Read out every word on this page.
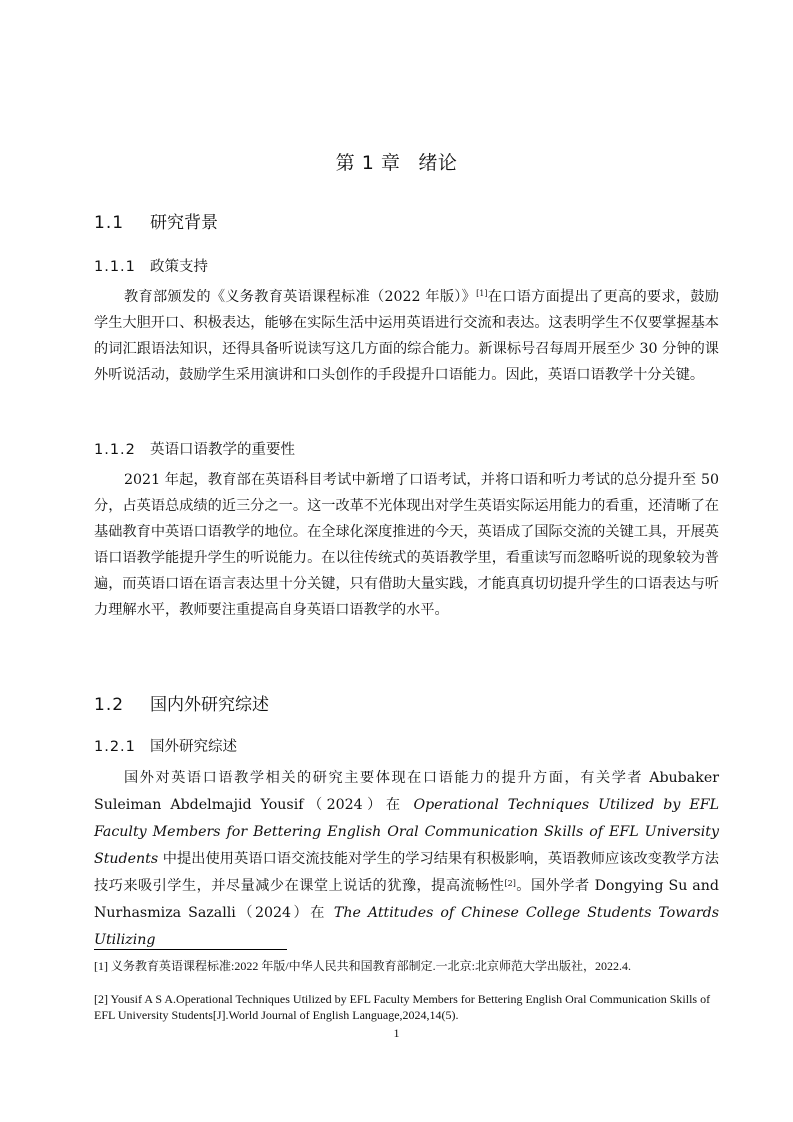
第 1 章 绪论
1.1 研究背景
1.1.1 政策支持
教育部颁发的《义务教育英语课程标准（2022 年版）》[1]在口语方面提出了更高的要求，鼓励学生大胆开口、积极表达，能够在实际生活中运用英语进行交流和表达。这表明学生不仅要掌握基本的词汇跟语法知识，还得具备听说读写这几方面的综合能力。新课标号召每周开展至少 30 分钟的课外听说活动，鼓励学生采用演讲和口头创作的手段提升口语能力。因此，英语口语教学十分关键。
1.1.2 英语口语教学的重要性
2021 年起，教育部在英语科目考试中新增了口语考试，并将口语和听力考试的总分提升至 50 分，占英语总成绩的近三分之一。这一改革不光体现出对学生英语实际运用能力的看重，还清晰了在基础教育中英语口语教学的地位。在全球化深度推进的今天，英语成了国际交流的关键工具，开展英语口语教学能提升学生的听说能力。在以往传统式的英语教学里，看重读写而忽略听说的现象较为普遍，而英语口语在语言表达里十分关键，只有借助大量实践，才能真真切切提升学生的口语表达与听力理解水平，教师要注重提高自身英语口语教学的水平。
1.2 国内外研究综述
1.2.1 国外研究综述
国外对英语口语教学相关的研究主要体现在口语能力的提升方面，有关学者 Abubaker Suleiman Abdelmajid Yousif（2024）在 Operational Techniques Utilized by EFL Faculty Members for Bettering English Oral Communication Skills of EFL University Students 中提出使用英语口语交流技能对学生的学习结果有积极影响，英语教师应该改变教学方法技巧来吸引学生，并尽量减少在课堂上说话的犹豫，提高流畅性[2]。国外学者 Dongying Su and Nurhasmiza Sazalli（2024）在 The Attitudes of Chinese College Students Towards Utilizing
[1] 义务教育英语课程标准:2022 年版/中华人民共和国教育部制定.一北京:北京师范大学出版社，2022.4.
[2] Yousif A S A.Operational Techniques Utilized by EFL Faculty Members for Bettering English Oral Communication Skills of EFL University Students[J].World Journal of English Language,2024,14(5).
1
